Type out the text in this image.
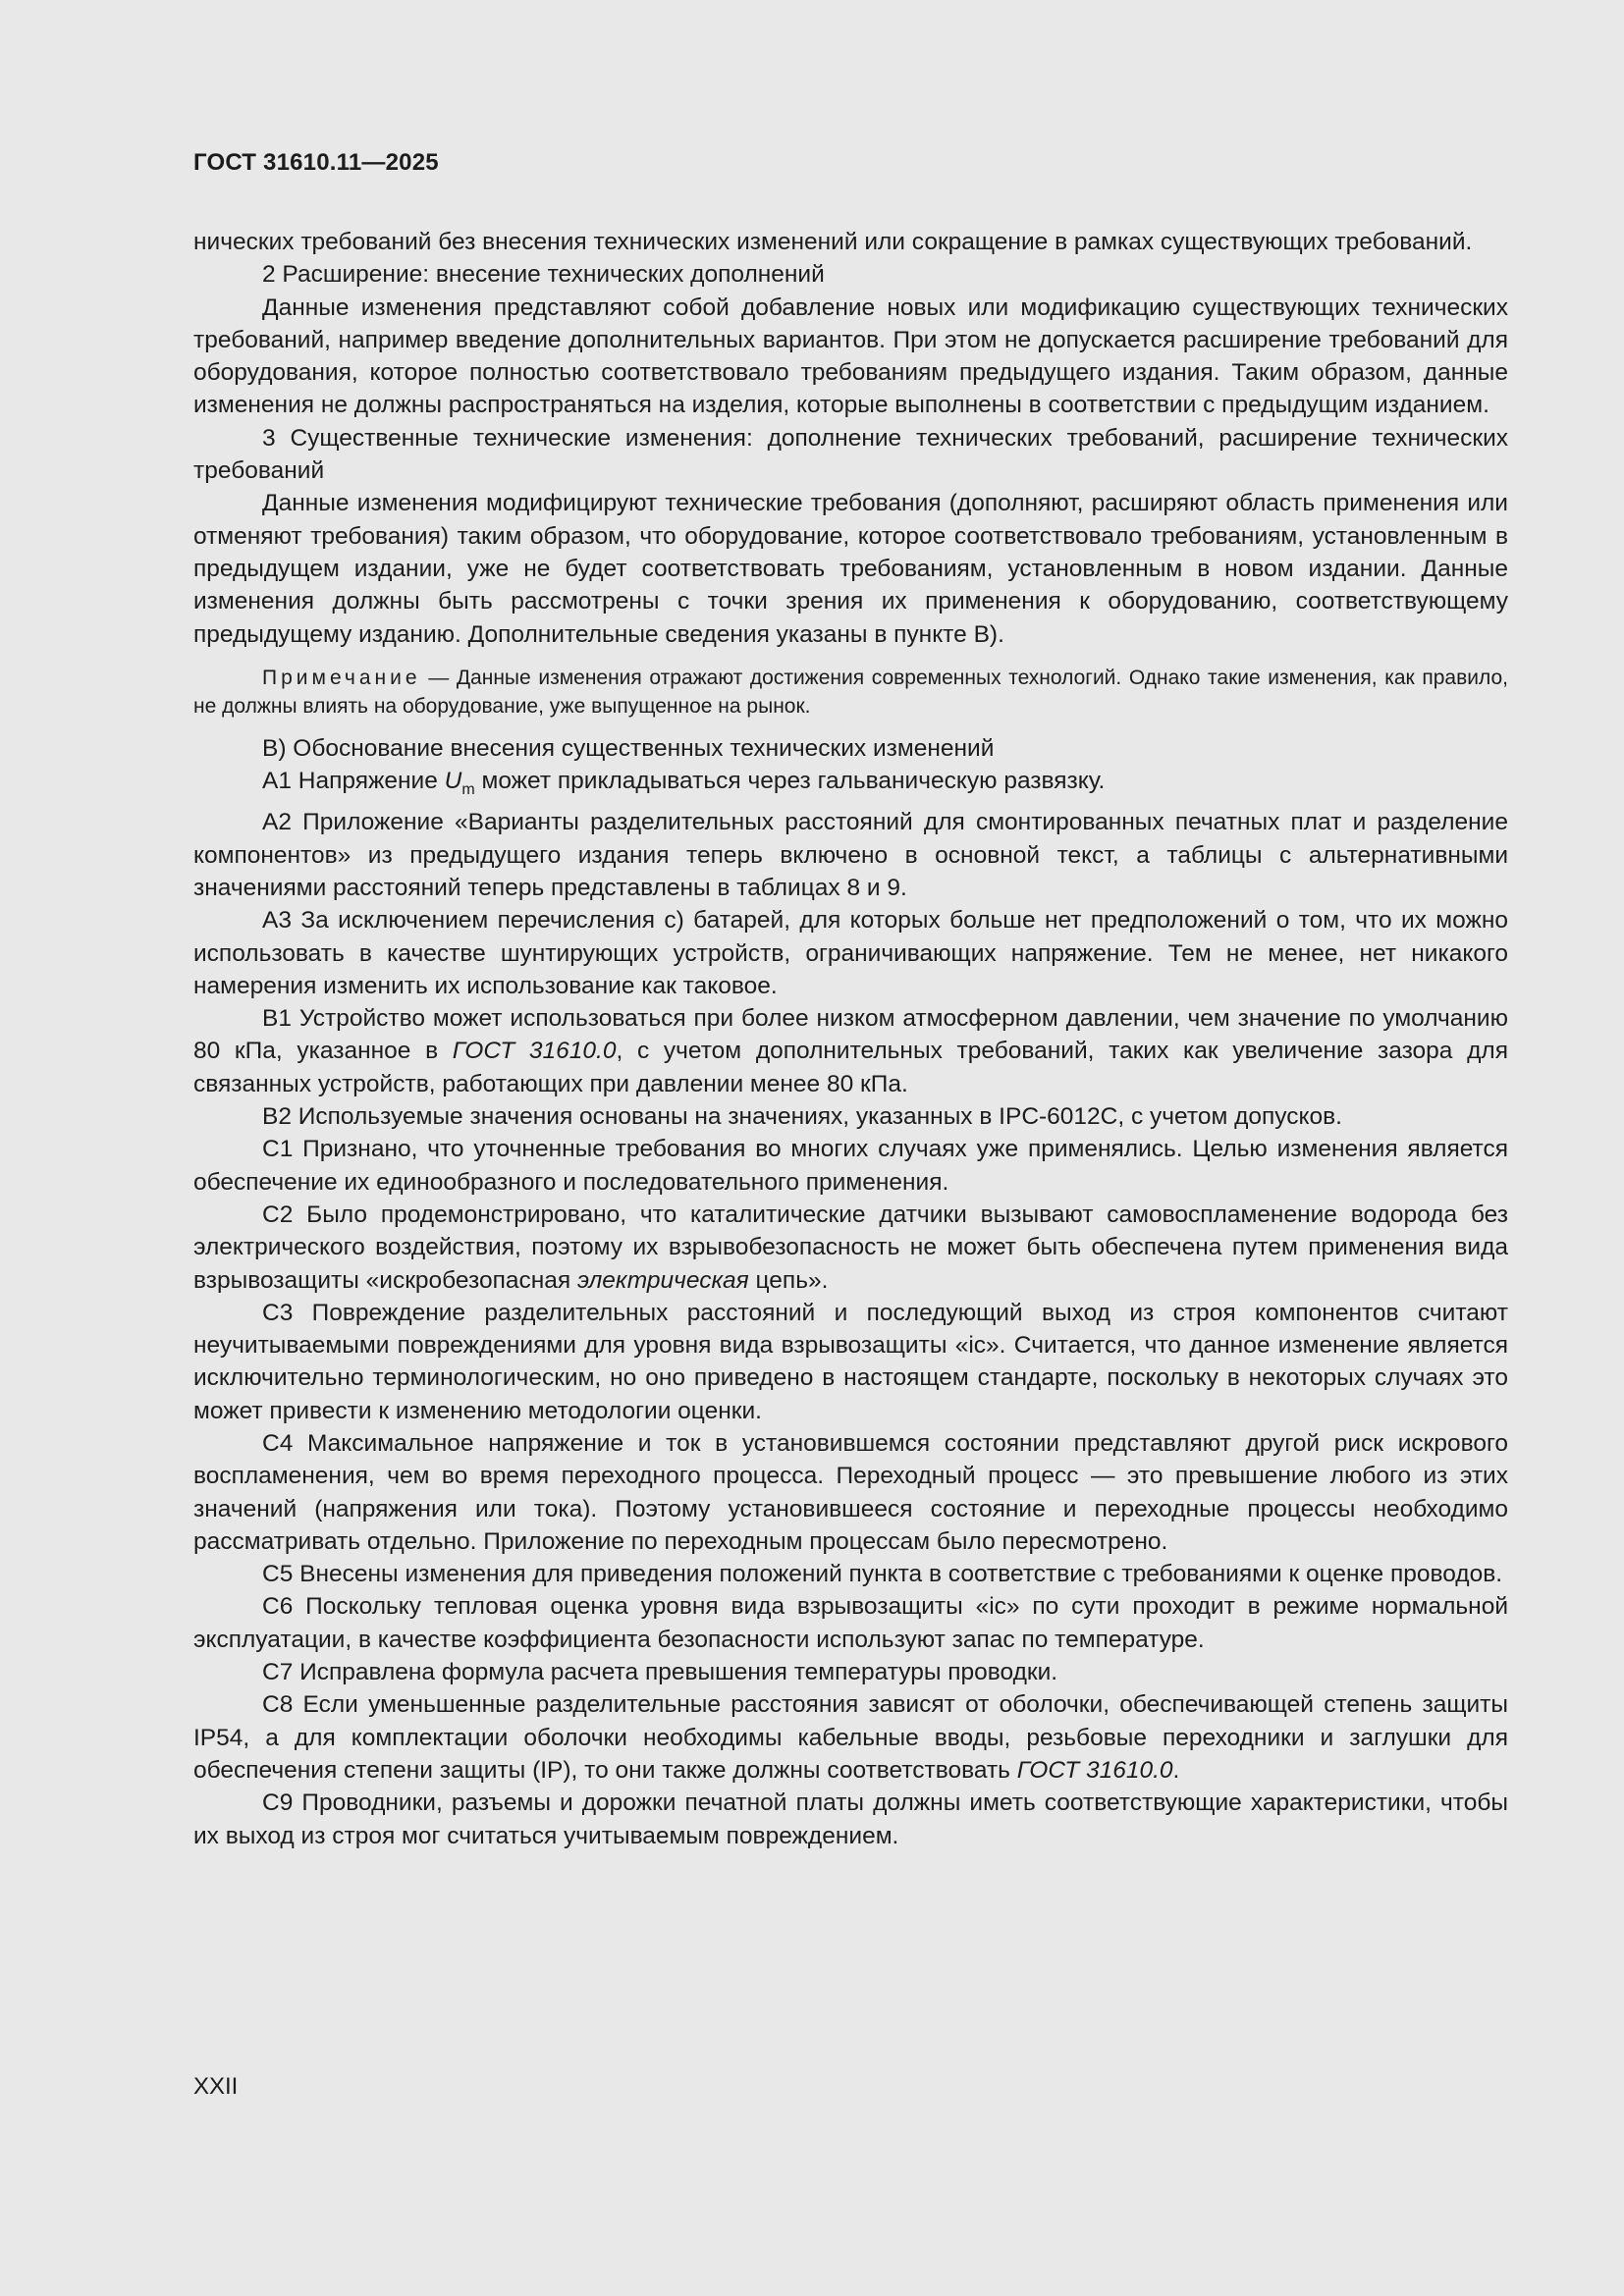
ГОСТ 31610.11—2025

нических требований без внесения технических изменений или сокращение в рамках существующих требований.

2 Расширение: внесение технических дополнений

Данные изменения представляют собой добавление новых или модификацию существующих технических требований, например введение дополнительных вариантов. При этом не допускается расширение требований для оборудования, которое полностью соответствовало требованиям предыдущего издания. Таким образом, данные изменения не должны распространяться на изделия, которые выполнены в соответствии с предыдущим изданием.

3 Существенные технические изменения: дополнение технических требований, расширение технических требований

Данные изменения модифицируют технические требования (дополняют, расширяют область применения или отменяют требования) таким образом, что оборудование, которое соответствовало требованиям, установленным в предыдущем издании, уже не будет соответствовать требованиям, установленным в новом издании. Данные изменения должны быть рассмотрены с точки зрения их применения к оборудованию, соответствующему предыдущему изданию. Дополнительные сведения указаны в пункте В).

Примечание — Данные изменения отражают достижения современных технологий. Однако такие изменения, как правило, не должны влиять на оборудование, уже выпущенное на рынок.

В) Обоснование внесения существенных технических изменений

А1 Напряжение $U_m$ может прикладываться через гальваническую развязку.

А2 Приложение «Варианты разделительных расстояний для смонтированных печатных плат и разделение компонентов» из предыдущего издания теперь включено в основной текст, а таблицы с альтернативными значениями расстояний теперь представлены в таблицах 8 и 9.

А3 За исключением перечисления с) батарей, для которых больше нет предположений о том, что их можно использовать в качестве шунтирующих устройств, ограничивающих напряжение. Тем не менее, нет никакого намерения изменить их использование как таковое.

В1 Устройство может использоваться при более низком атмосферном давлении, чем значение по умолчанию 80 кПа, указанное в ГОСТ 31610.0, с учетом дополнительных требований, таких как увеличение зазора для связанных устройств, работающих при давлении менее 80 кПа.

В2 Используемые значения основаны на значениях, указанных в IPC-6012C, с учетом допусков.

С1 Признано, что уточненные требования во многих случаях уже применялись. Целью изменения является обеспечение их единообразного и последовательного применения.

С2 Было продемонстрировано, что каталитические датчики вызывают самовоспламенение водорода без электрического воздействия, поэтому их взрывобезопасность не может быть обеспечена путем применения вида взрывозащиты «искробезопасная электрическая цепь».

С3 Повреждение разделительных расстояний и последующий выход из строя компонентов считают неучитываемыми повреждениями для уровня вида взрывозащиты «ic». Считается, что данное изменение является исключительно терминологическим, но оно приведено в настоящем стандарте, поскольку в некоторых случаях это может привести к изменению методологии оценки.

С4 Максимальное напряжение и ток в установившемся состоянии представляют другой риск искрового воспламенения, чем во время переходного процесса. Переходный процесс — это превышение любого из этих значений (напряжения или тока). Поэтому установившееся состояние и переходные процессы необходимо рассматривать отдельно. Приложение по переходным процессам было пересмотрено.

С5 Внесены изменения для приведения положений пункта в соответствие с требованиями к оценке проводов.

С6 Поскольку тепловая оценка уровня вида взрывозащиты «ic» по сути проходит в режиме нормальной эксплуатации, в качестве коэффициента безопасности используют запас по температуре.

С7 Исправлена формула расчета превышения температуры проводки.

С8 Если уменьшенные разделительные расстояния зависят от оболочки, обеспечивающей степень защиты IP54, а для комплектации оболочки необходимы кабельные вводы, резьбовые переходники и заглушки для обеспечения степени защиты (IP), то они также должны соответствовать ГОСТ 31610.0.

С9 Проводники, разъемы и дорожки печатной платы должны иметь соответствующие характеристики, чтобы их выход из строя мог считаться учитываемым повреждением.

XXII
